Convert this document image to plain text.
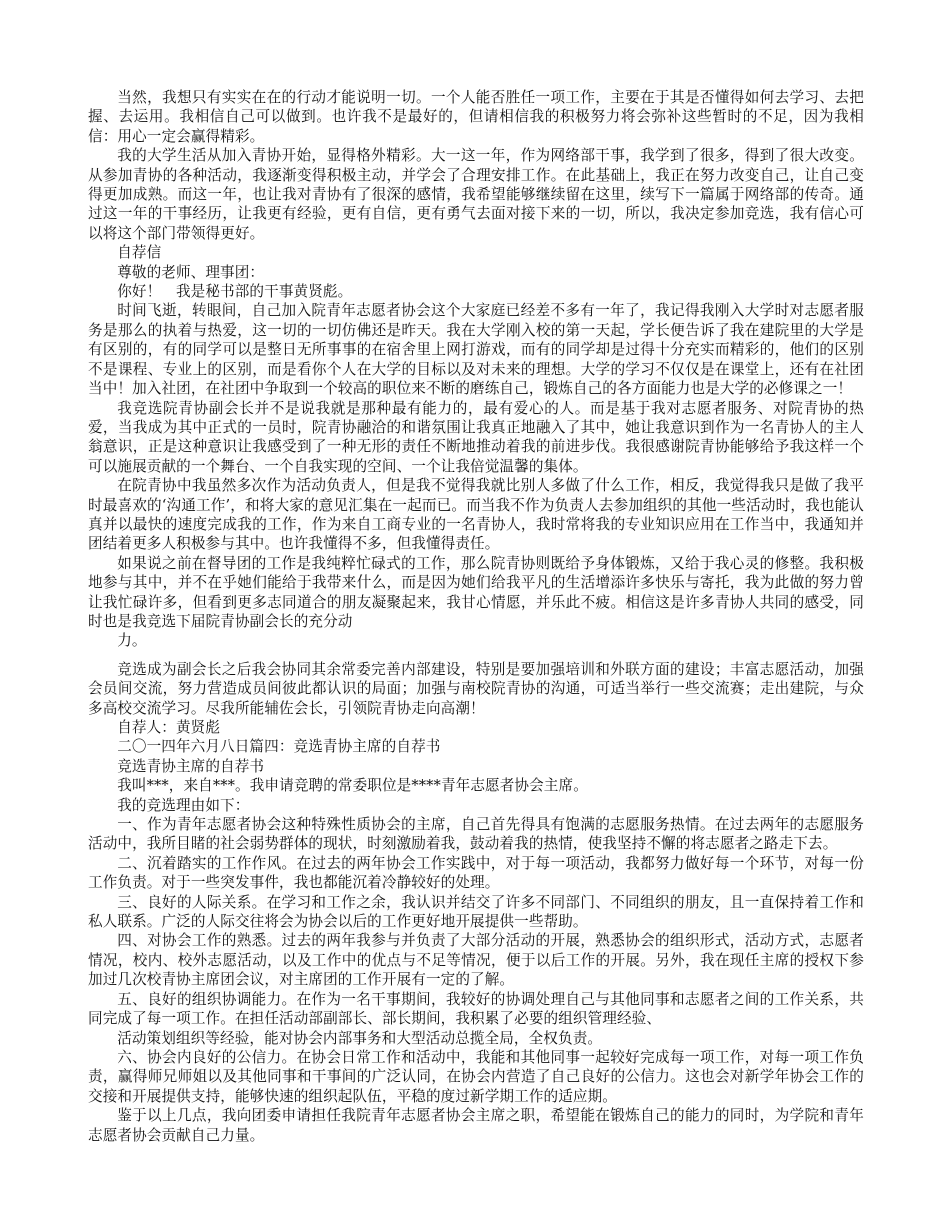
当然，我想只有实实在在的行动才能说明一切。一个人能否胜任一项工作，主要在于其是否懂得如何去学习、去把握、去运用。我相信自己可以做到。也许我不是最好的，但请相信我的积极努力将会弥补这些暂时的不足，因为我相信：用心一定会赢得精彩。

我的大学生活从加入青协开始，显得格外精彩。大一这一年，作为网络部干事，我学到了很多，得到了很大改变。从参加青协的各种活动，我逐渐变得积极主动，并学会了合理安排工作。在此基础上，我正在努力改变自己，让自己变得更加成熟。而这一年，也让我对青协有了很深的感情，我希望能够继续留在这里，续写下一篇属于网络部的传奇。通过这一年的干事经历，让我更有经验，更有自信，更有勇气去面对接下来的一切，所以，我决定参加竞选，我有信心可以将这个部门带领得更好。

自荐信

尊敬的老师、理事团：

你好！　我是秘书部的干事黄贤彪。

时间飞逝，转眼间，自己加入院青年志愿者协会这个大家庭已经差不多有一年了，我记得我刚入大学时对志愿者服务是那么的执着与热爱，这一切的一切仿佛还是昨天。我在大学刚入校的第一天起，学长便告诉了我在建院里的大学是有区别的，有的同学可以是整日无所事事的在宿舍里上网打游戏，而有的同学却是过得十分充实而精彩的，他们的区别不是课程、专业上的区别，而是看你个人在大学的目标以及对未来的理想。大学的学习不仅仅是在课堂上，还有在社团当中！加入社团，在社团中争取到一个较高的职位来不断的磨练自己，锻炼自己的各方面能力也是大学的必修课之一！

我竞选院青协副会长并不是说我就是那种最有能力的，最有爱心的人。而是基于我对志愿者服务、对院青协的热爱，当我成为其中正式的一员时，院青协融洽的和谐氛围让我真正地融入了其中，她让我意识到作为一名青协人的主人翁意识，正是这种意识让我感受到了一种无形的责任不断地推动着我的前进步伐。我很感谢院青协能够给予我这样一个可以施展贡献的一个舞台、一个自我实现的空间、一个让我倍觉温馨的集体。

在院青协中我虽然多次作为活动负责人，但是我不觉得我就比别人多做了什么工作，相反，我觉得我只是做了我平时最喜欢的‘沟通工作’，和将大家的意见汇集在一起而已。而当我不作为负责人去参加组织的其他一些活动时，我也能认真并以最快的速度完成我的工作，作为来自工商专业的一名青协人，我时常将我的专业知识应用在工作当中，我通知并团结着更多人积极参与其中。也许我懂得不多，但我懂得责任。

如果说之前在督导团的工作是我纯粹忙碌式的工作，那么院青协则既给予身体锻炼，又给于我心灵的修整。我积极地参与其中，并不在乎她们能给于我带来什么，而是因为她们给我平凡的生活增添许多快乐与寄托，我为此做的努力曾让我忙碌许多，但看到更多志同道合的朋友凝聚起来，我甘心情愿，并乐此不疲。相信这是许多青协人共同的感受，同时也是我竞选下届院青协副会长的充分动

力。

竞选成为副会长之后我会协同其余常委完善内部建设，特别是要加强培训和外联方面的建设；丰富志愿活动，加强会员间交流，努力营造成员间彼此都认识的局面；加强与南校院青协的沟通，可适当举行一些交流赛；走出建院，与众多高校交流学习。尽我所能辅佐会长，引领院青协走向高潮！

自荐人：黄贤彪

二〇一四年六月八日篇四：竞选青协主席的自荐书

竞选青协主席的自荐书

我叫***，来自***。我申请竞聘的常委职位是****青年志愿者协会主席。

我的竞选理由如下：

一、作为青年志愿者协会这种特殊性质协会的主席，自己首先得具有饱满的志愿服务热情。在过去两年的志愿服务活动中，我所目睹的社会弱势群体的现状，时刻激励着我，鼓动着我的热情，使我坚持不懈的将志愿者之路走下去。

二、沉着踏实的工作作风。在过去的两年协会工作实践中，对于每一项活动，我都努力做好每一个环节，对每一份工作负责。对于一些突发事件，我也都能沉着冷静较好的处理。

三、良好的人际关系。在学习和工作之余，我认识并结交了许多不同部门、不同组织的朋友，且一直保持着工作和私人联系。广泛的人际交往将会为协会以后的工作更好地开展提供一些帮助。

四、对协会工作的熟悉。过去的两年我参与并负责了大部分活动的开展，熟悉协会的组织形式，活动方式，志愿者情况，校内、校外志愿活动，以及工作中的优点与不足等情况，便于以后工作的开展。另外，我在现任主席的授权下参加过几次校青协主席团会议，对主席团的工作开展有一定的了解。

五、良好的组织协调能力。在作为一名干事期间，我较好的协调处理自己与其他同事和志愿者之间的工作关系，共同完成了每一项工作。在担任活动部副部长、部长期间，我积累了必要的组织管理经验、

活动策划组织等经验，能对协会内部事务和大型活动总揽全局，全权负责。

六、协会内良好的公信力。在协会日常工作和活动中，我能和其他同事一起较好完成每一项工作，对每一项工作负责，赢得师兄师姐以及其他同事和干事间的广泛认同，在协会内营造了自己良好的公信力。这也会对新学年协会工作的交接和开展提供支持，能够快速的组织起队伍，平稳的度过新学期工作的适应期。

鉴于以上几点，我向团委申请担任我院青年志愿者协会主席之职，希望能在锻炼自己的能力的同时，为学院和青年志愿者协会贡献自己力量。
